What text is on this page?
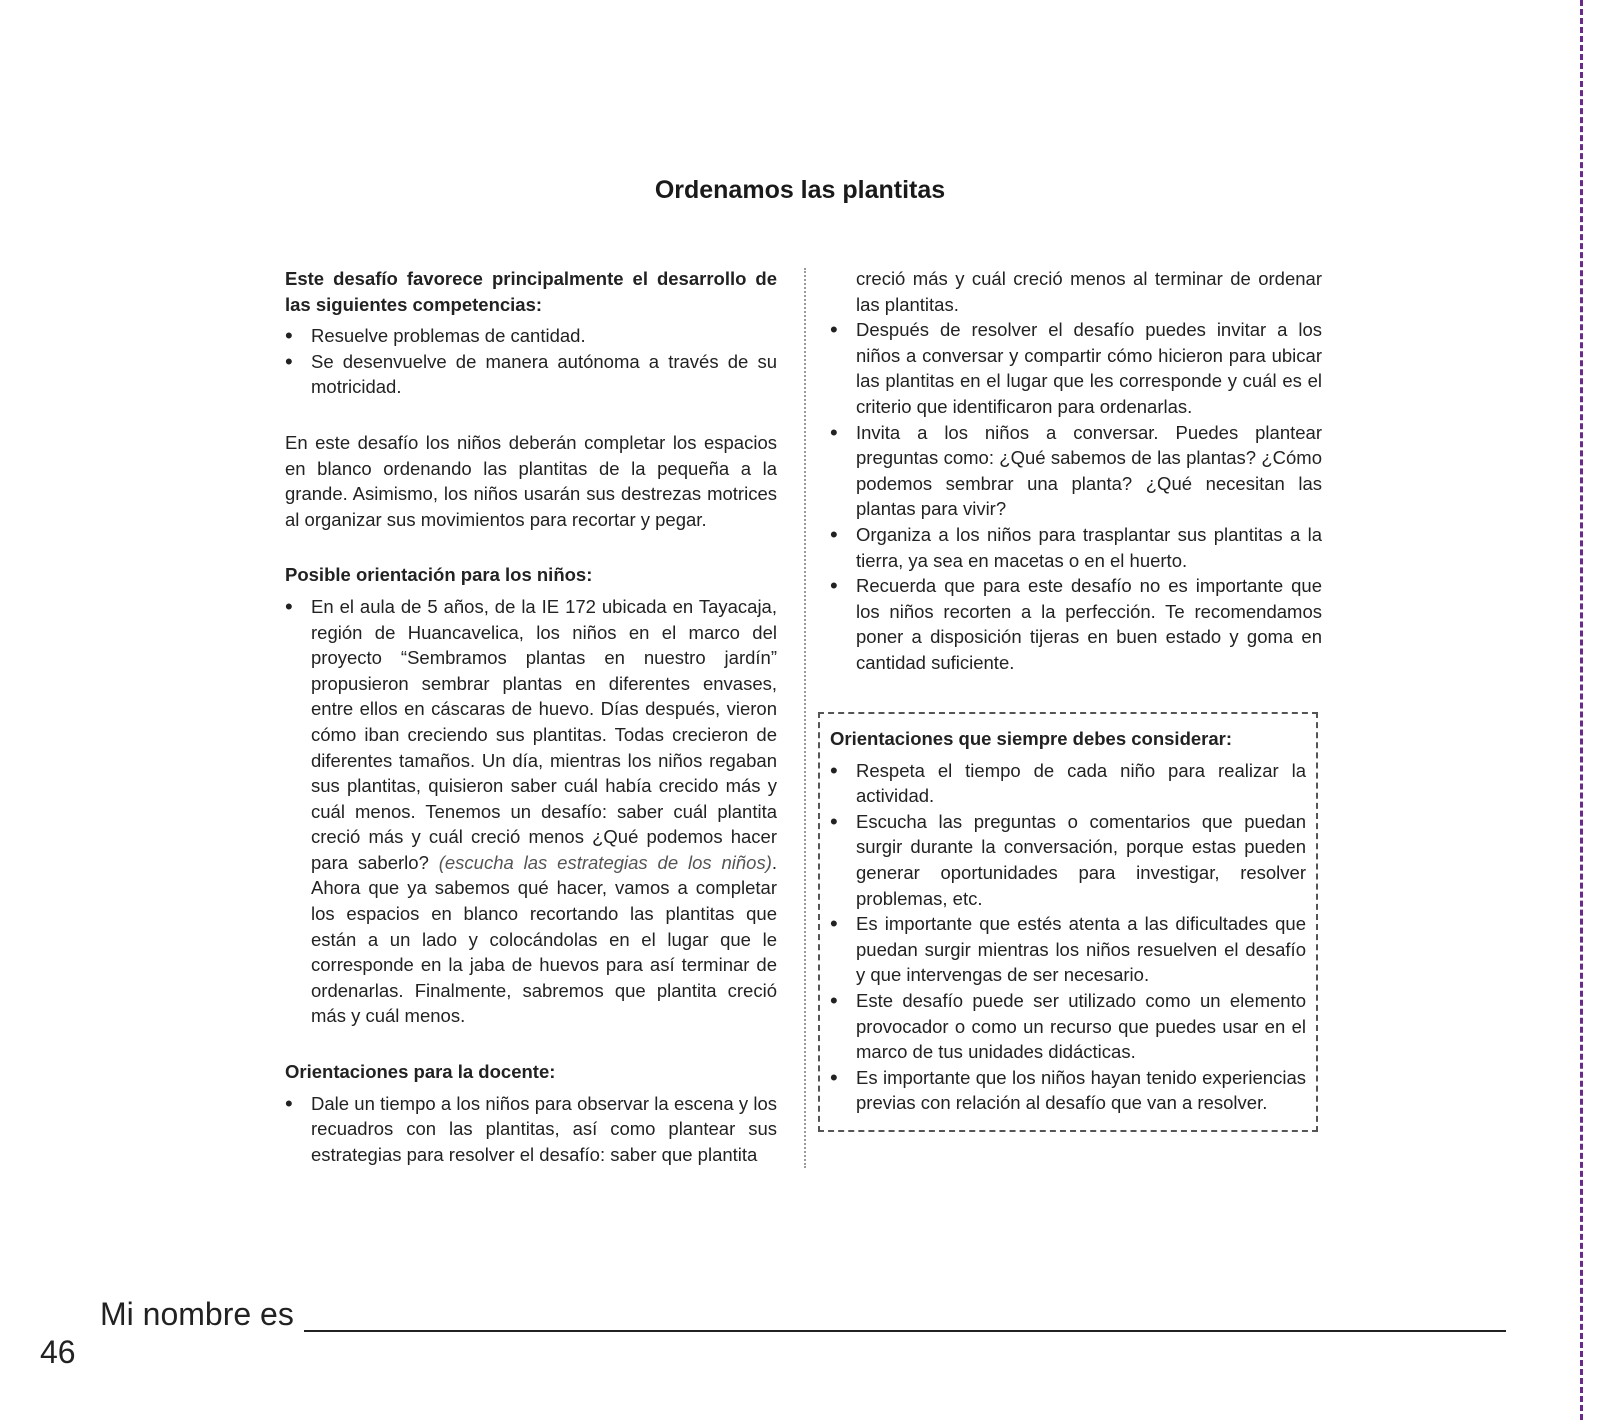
Ordenamos las plantitas

Este desafío favorece principalmente el desarrollo de las siguientes competencias:

• Resuelve problemas de cantidad.
• Se desenvuelve de manera autónoma a través de su motricidad.

En este desafío los niños deberán completar los espacios en blanco ordenando las plantitas de la pequeña a la grande. Asimismo, los niños usarán sus destrezas motrices al organizar sus movimientos para recortar y pegar.

Posible orientación para los niños:

• En el aula de 5 años, de la IE 172 ubicada en Tayacaja, región de Huancavelica, los niños en el marco del proyecto “Sembramos plantas en nuestro jardín” propusieron sembrar plantas en diferentes envases, entre ellos en cáscaras de huevo. Días después, vieron cómo iban creciendo sus plantitas. Todas crecieron de diferentes tamaños. Un día, mientras los niños regaban sus plantitas, quisieron saber cuál había crecido más y cuál menos. Tenemos un desafío: saber cuál plantita creció más y cuál creció menos ¿Qué podemos hacer para saberlo? (escucha las estrategias de los niños). Ahora que ya sabemos qué hacer, vamos a completar los espacios en blanco recortando las plantitas que están a un lado y colocándolas en el lugar que le corresponde en la jaba de huevos para así terminar de ordenarlas. Finalmente, sabremos que plantita creció más y cuál menos.

Orientaciones para la docente:

• Dale un tiempo a los niños para observar la escena y los recuadros con las plantitas, así como plantear sus estrategias para resolver el desafío: saber que plantita

creció más y cuál creció menos al terminar de ordenar las plantitas.

• Después de resolver el desafío puedes invitar a los niños a conversar y compartir cómo hicieron para ubicar las plantitas en el lugar que les corresponde y cuál es el criterio que identificaron para ordenarlas.
• Invita a los niños a conversar. Puedes plantear preguntas como: ¿Qué sabemos de las plantas? ¿Cómo podemos sembrar una planta? ¿Qué necesitan las plantas para vivir?
• Organiza a los niños para trasplantar sus plantitas a la tierra, ya sea en macetas o en el huerto.
• Recuerda que para este desafío no es importante que los niños recorten a la perfección. Te recomendamos poner a disposición tijeras en buen estado y goma en cantidad suficiente.

Orientaciones que siempre debes considerar:

• Respeta el tiempo de cada niño para realizar la actividad.
• Escucha las preguntas o comentarios que puedan surgir durante la conversación, porque estas pueden generar oportunidades para investigar, resolver problemas, etc.
• Es importante que estés atenta a las dificultades que puedan surgir mientras los niños resuelven el desafío y que intervengas de ser necesario.
• Este desafío puede ser utilizado como un elemento provocador o como un recurso que puedes usar en el marco de tus unidades didácticas.
• Es importante que los niños hayan tenido experiencias previas con relación al desafío que van a resolver.
Mi nombre es
46
